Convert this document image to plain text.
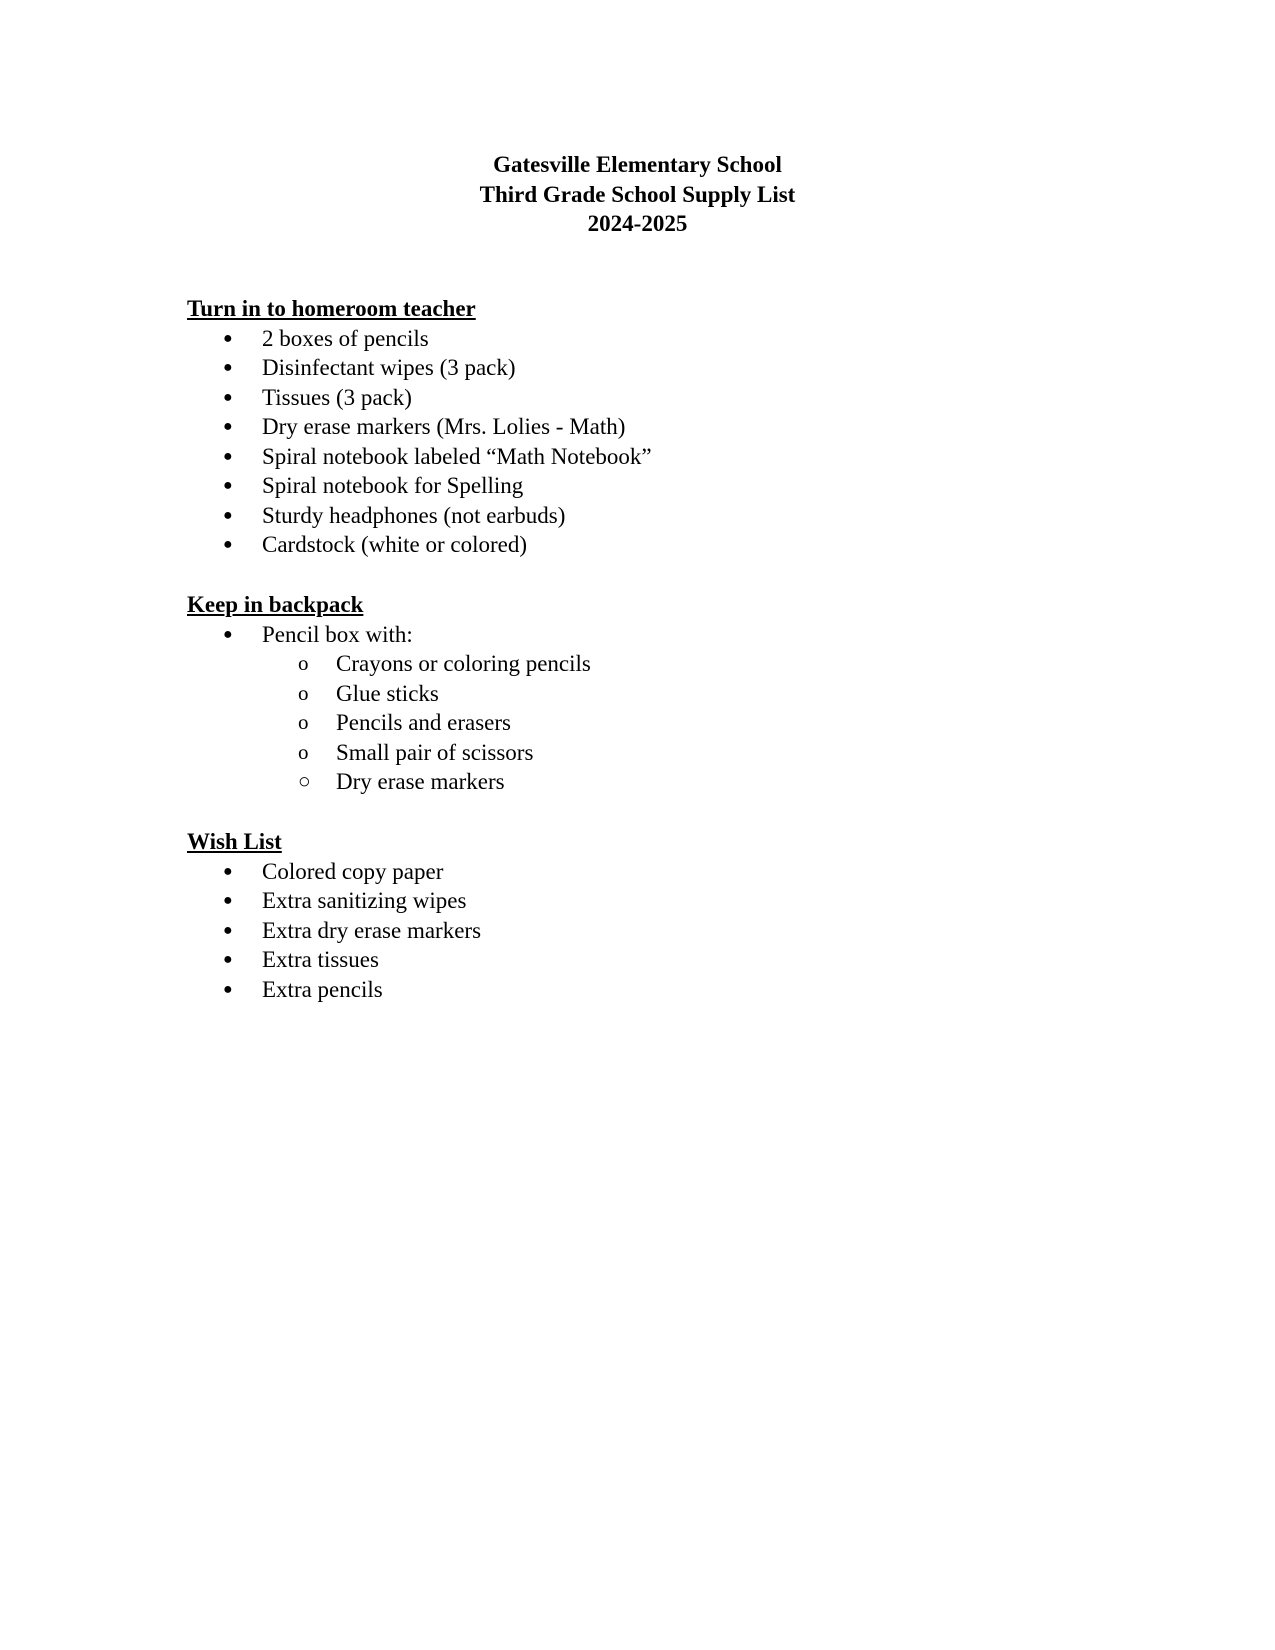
Gatesville Elementary School
Third Grade School Supply List
2024-2025
Turn in to homeroom teacher
● 2 boxes of pencils
● Disinfectant wipes (3 pack)
● Tissues (3 pack)
● Dry erase markers (Mrs. Lolies - Math)
● Spiral notebook labeled “Math Notebook”
● Spiral notebook for Spelling
● Sturdy headphones (not earbuds)
● Cardstock (white or colored)
Keep in backpack
● Pencil box with:
o Crayons or coloring pencils
o Glue sticks
o Pencils and erasers
o Small pair of scissors
○ Dry erase markers
Wish List
● Colored copy paper
● Extra sanitizing wipes
● Extra dry erase markers
● Extra tissues
● Extra pencils
